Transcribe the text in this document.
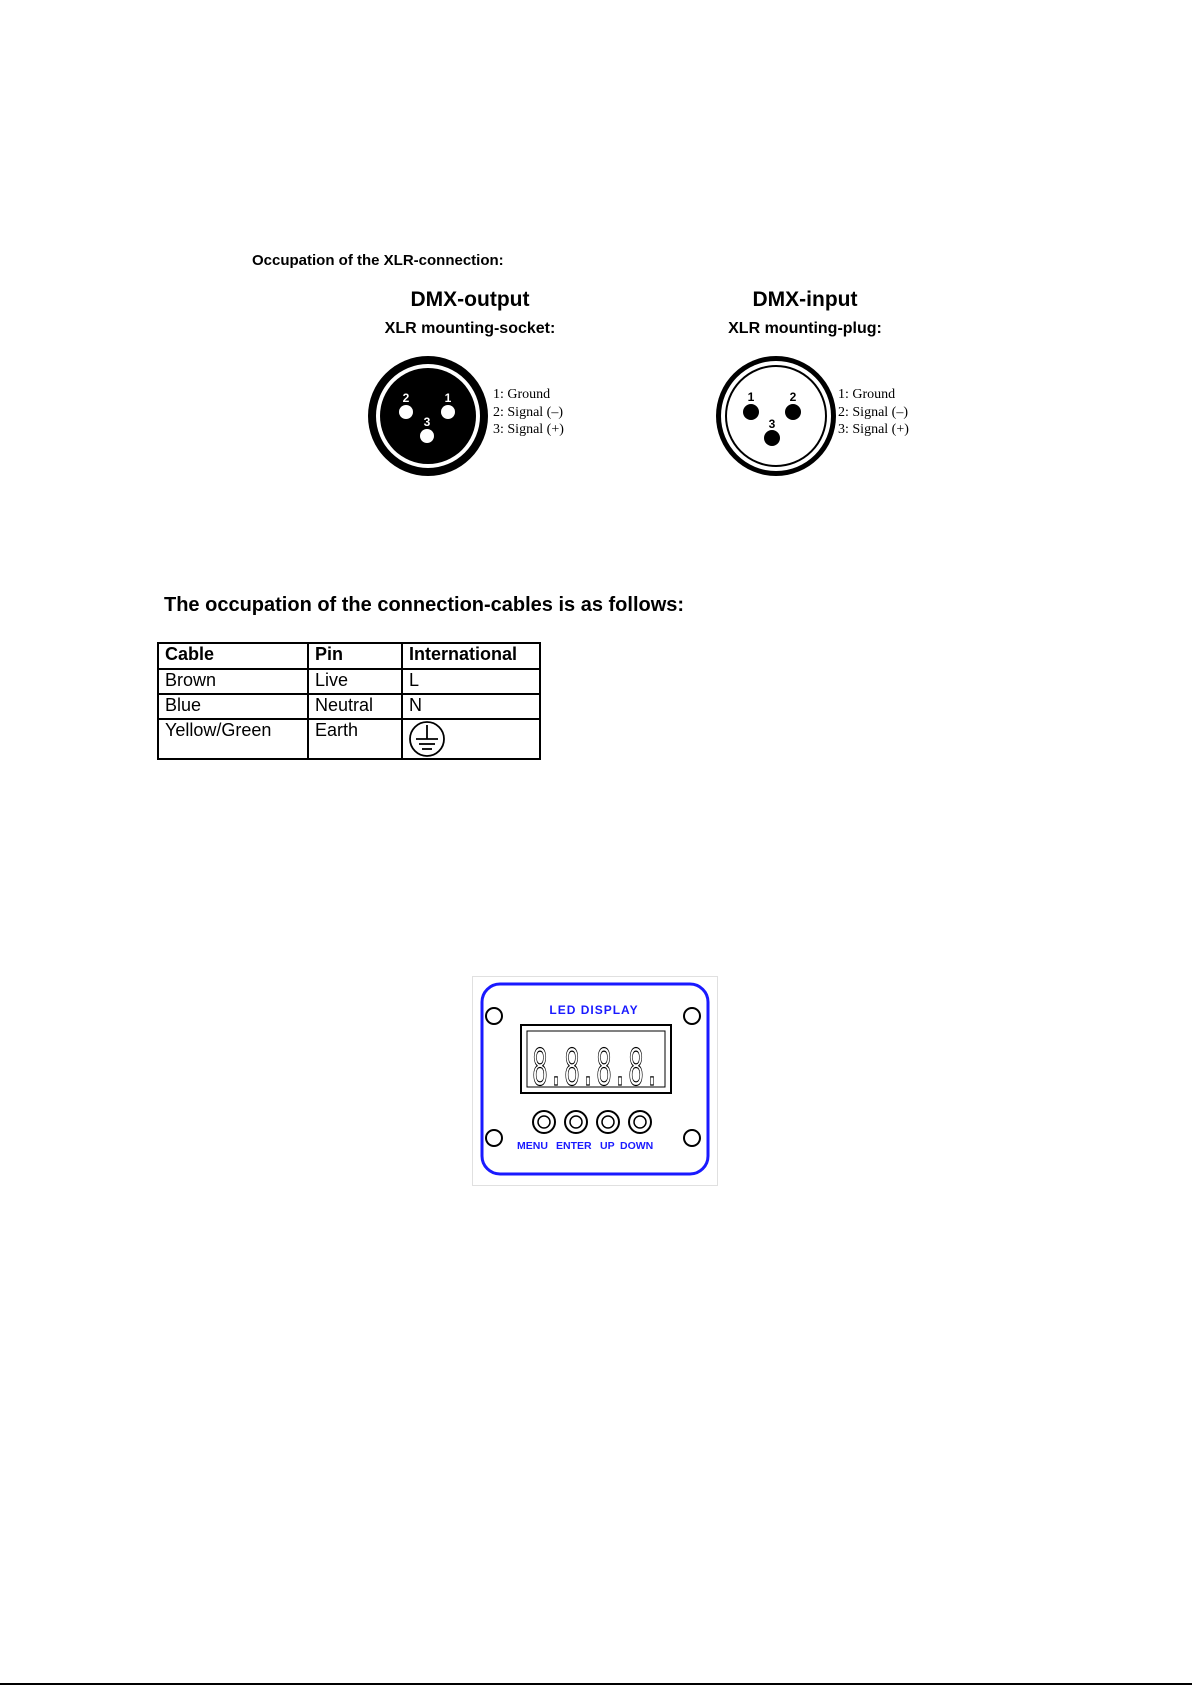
Occupation of the XLR-connection:
DMX-output
XLR mounting-socket:
2	1
3
1: Ground
2: Signal (–)
3: Signal (+)
DMX-input
XLR mounting-plug:
1	2
3
1: Ground
2: Signal (–)
3: Signal (+)
The occupation of the connection-cables is as follows:
Cable	Pin	International
Brown	Live	L
Blue	Neutral	N
Yellow/Green	Earth	
LED DISPLAY
8.8.8.8.
MENU ENTER UP DOWN
